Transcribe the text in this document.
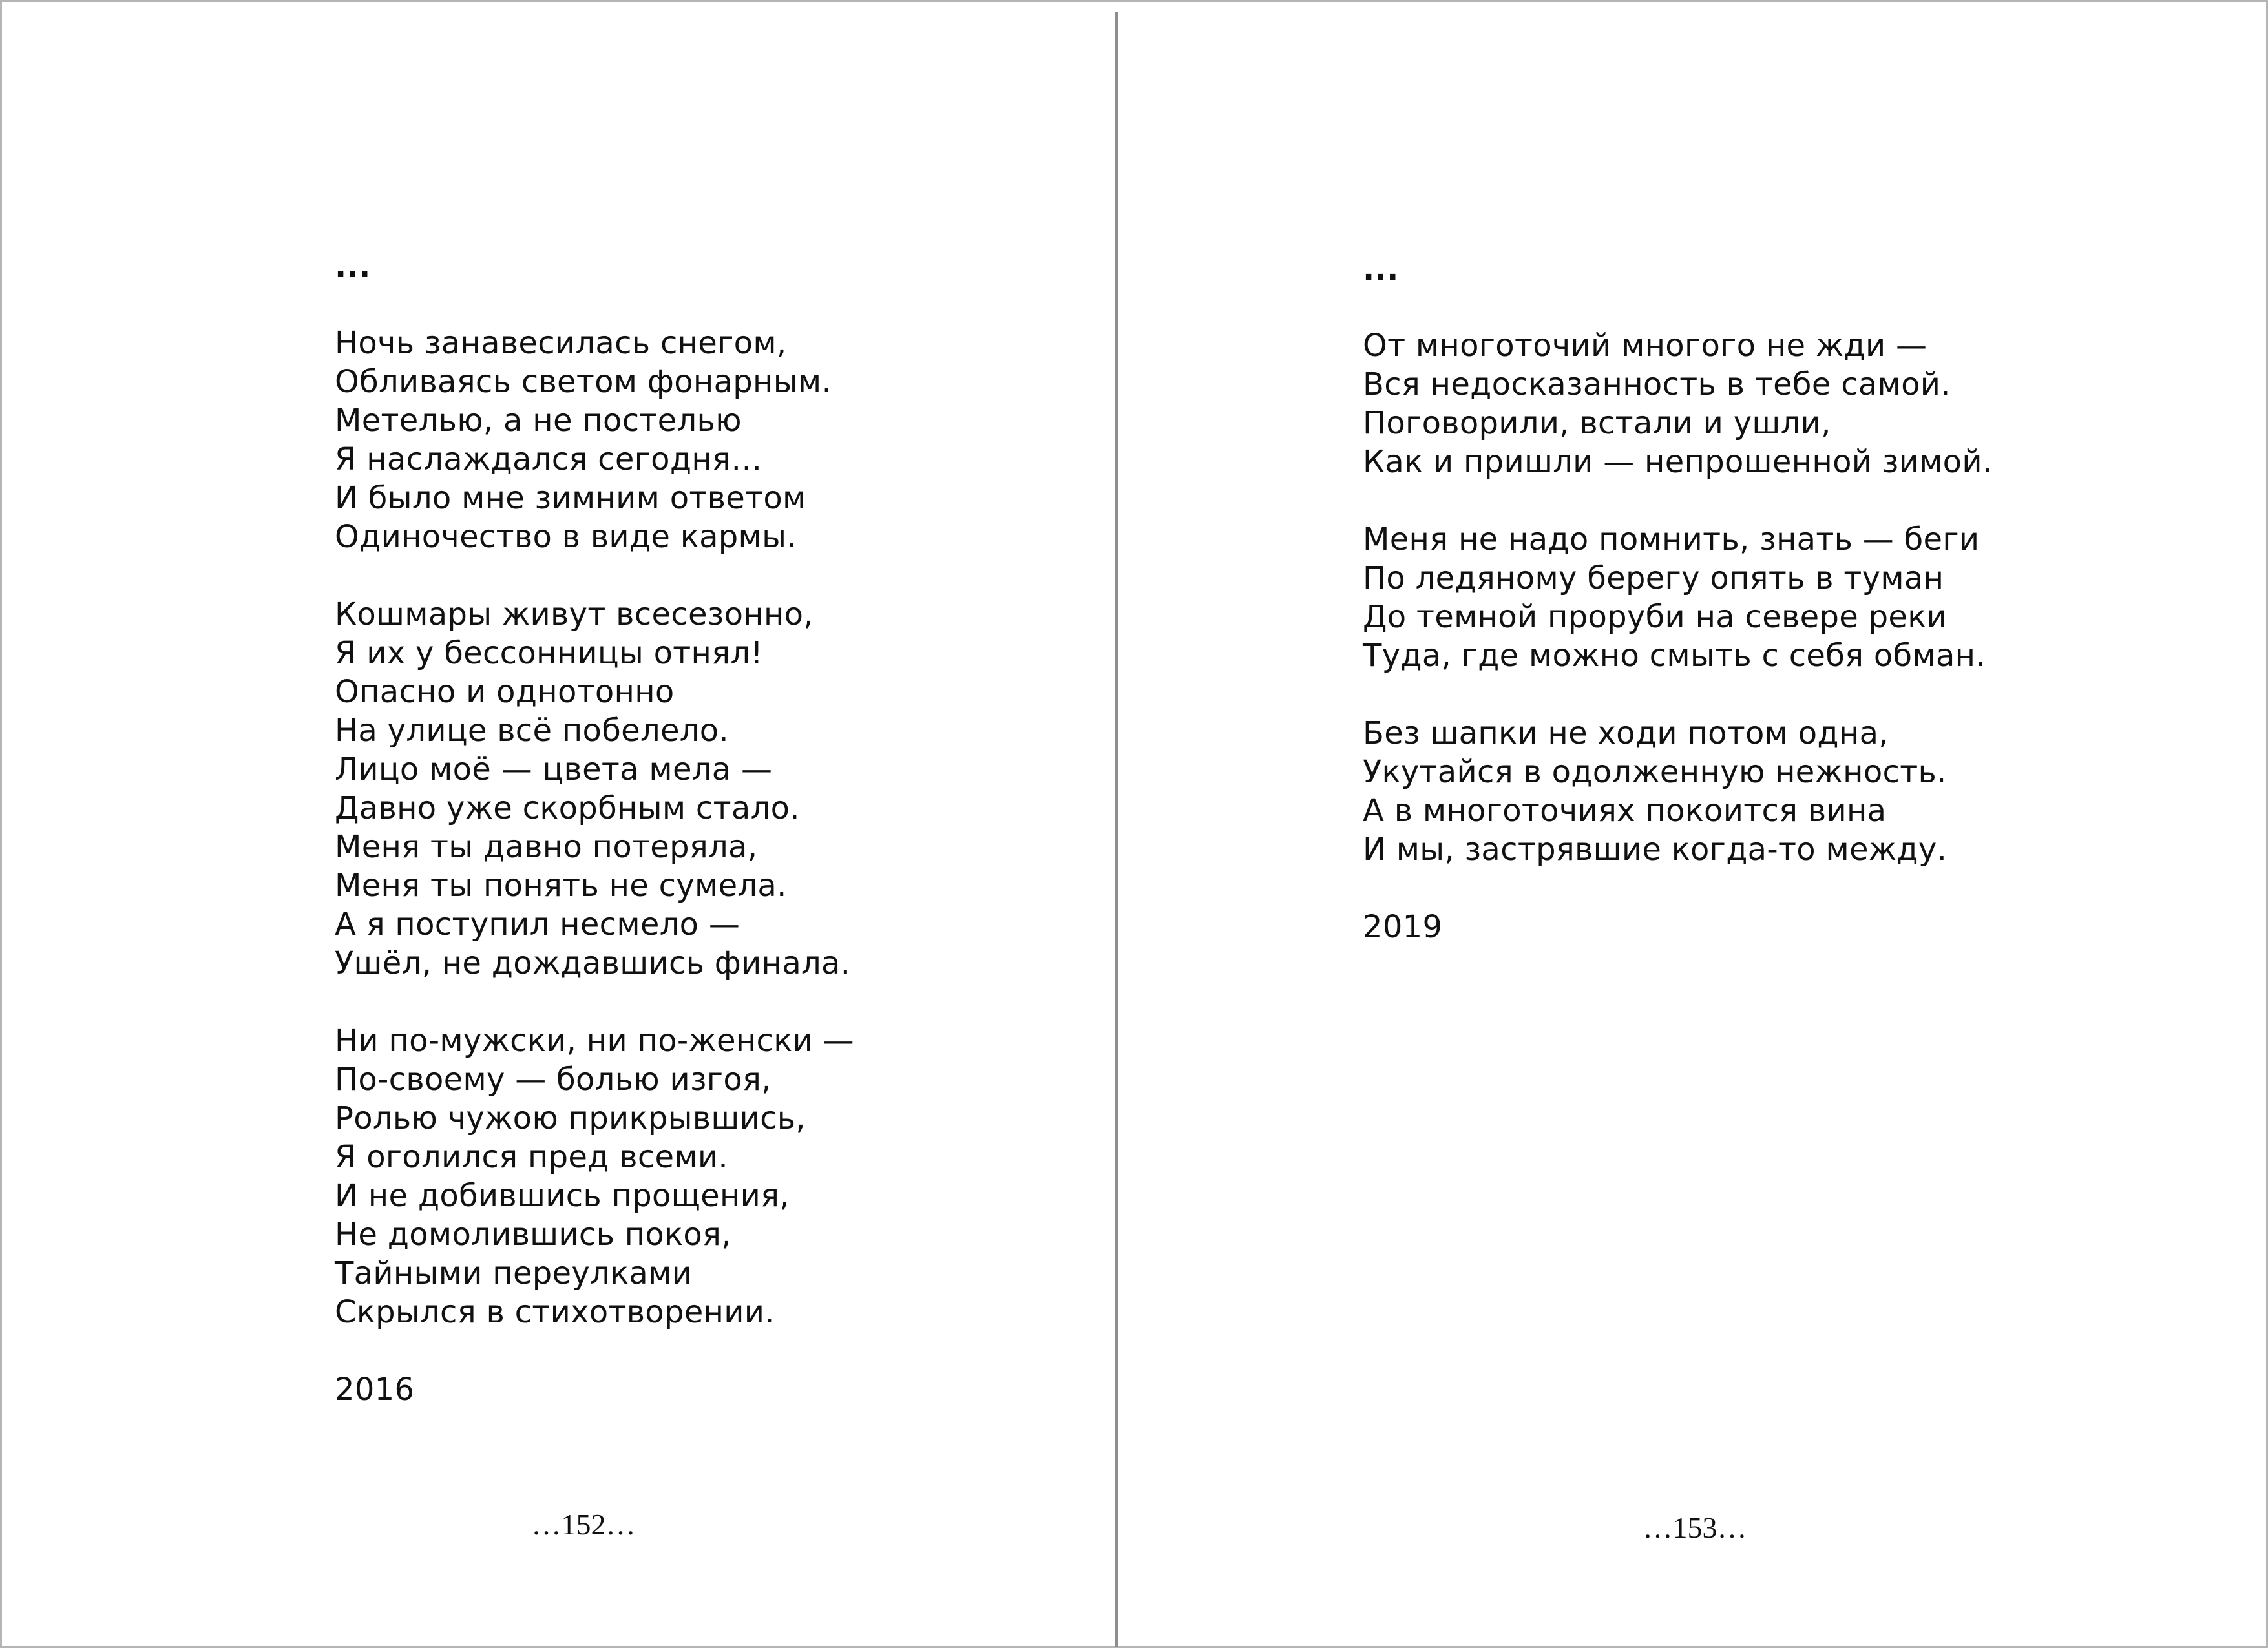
...
Ночь занавесилась снегом,
Обливаясь светом фонарным.
Метелью, а не постелью
Я наслаждался сегодня…
И было мне зимним ответом
Одиночество в виде кармы.
Кошмары живут всесезонно,
Я их у бессонницы отнял!
Опасно и однотонно
На улице всё побелело.
Лицо моё — цвета мела —
Давно уже скорбным стало.
Меня ты давно потеряла,
Меня ты понять не сумела.
А я поступил несмело —
Ушёл, не дождавшись финала.
Ни по-мужски, ни по-женски —
По-своему — болью изгоя,
Ролью чужою прикрывшись,
Я оголился пред всеми.
И не добившись прощения,
Не домолившись покоя,
Тайными переулками
Скрылся в стихотворении.
2016
…152…
...
От многоточий многого не жди —
Вся недосказанность в тебе самой.
Поговорили, встали и ушли,
Как и пришли — непрошенной зимой.
Меня не надо помнить, знать — беги
По ледяному берегу опять в туман
До темной проруби на севере реки
Туда, где можно смыть с себя обман.
Без шапки не ходи потом одна,
Укутайся в одолженную нежность.
А в многоточиях покоится вина
И мы, застрявшие когда-то между.
2019
…153…
